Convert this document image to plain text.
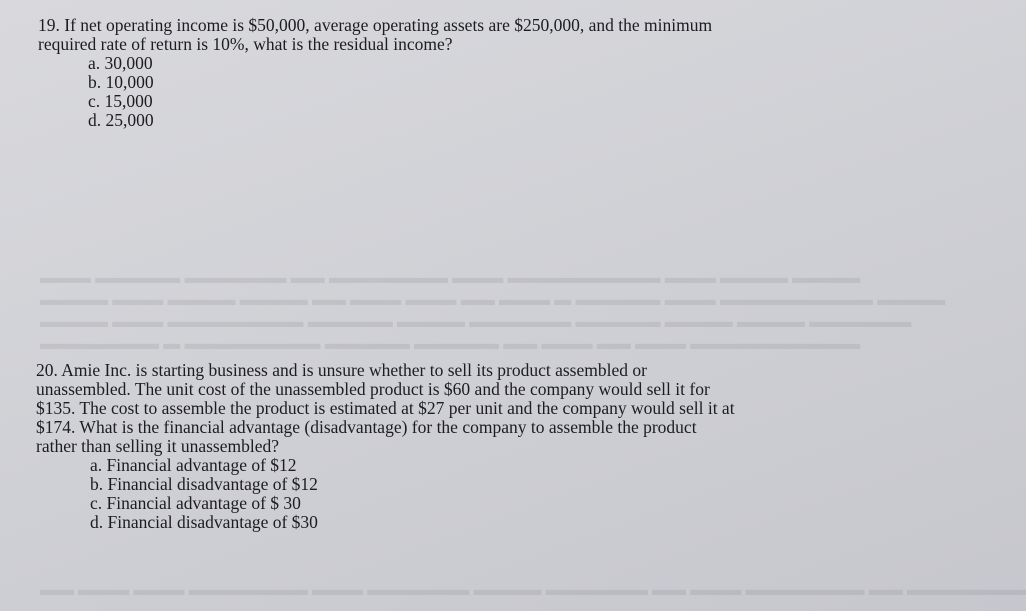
▬▬▬ ▬▬▬▬▬ ▬▬▬▬▬▬ ▬▬ ▬▬▬▬▬▬▬ ▬▬▬ ▬▬▬▬▬▬▬▬▬ ▬▬▬ ▬▬▬▬ ▬▬▬▬
▬▬▬▬ ▬▬▬ ▬▬▬▬ ▬▬▬▬ ▬▬ ▬▬▬ ▬▬▬ ▬▬ ▬▬▬ ▬ ▬▬▬▬▬ ▬▬▬ ▬▬▬▬▬▬▬▬▬ ▬▬▬▬
▬▬▬▬ ▬▬▬ ▬▬▬▬▬▬▬▬ ▬▬▬▬▬ ▬▬▬▬ ▬▬▬▬▬▬ ▬▬▬▬▬ ▬▬▬▬ ▬▬▬▬ ▬▬▬▬▬▬
▬▬▬▬▬▬▬ ▬ ▬▬▬▬▬▬▬▬ ▬▬▬▬▬ ▬▬▬▬▬ ▬▬ ▬▬▬ ▬▬ ▬▬▬ ▬▬▬▬▬▬▬▬▬▬
▬▬ ▬▬▬ ▬▬▬ ▬▬▬▬▬▬▬ ▬▬▬ ▬▬▬▬▬▬ ▬▬▬▬ ▬▬▬▬▬▬ ▬▬ ▬▬▬ ▬▬▬▬▬▬▬ ▬▬ ▬▬▬▬▬▬▬

19. If net operating income is $50,000, average operating assets are $250,000, and the minimum required rate of return is 10%, what is the residual income?

a. 30,000
b. 10,000
c. 15,000
d. 25,000

20. Amie Inc. is starting business and is unsure whether to sell its product assembled or unassembled. The unit cost of the unassembled product is $60 and the company would sell it for $135. The cost to assemble the product is estimated at $27 per unit and the company would sell it at $174. What is the financial advantage (disadvantage) for the company to assemble the product rather than selling it unassembled?

a. Financial advantage of $12
b. Financial disadvantage of $12
c. Financial advantage of $ 30
d. Financial disadvantage of $30
